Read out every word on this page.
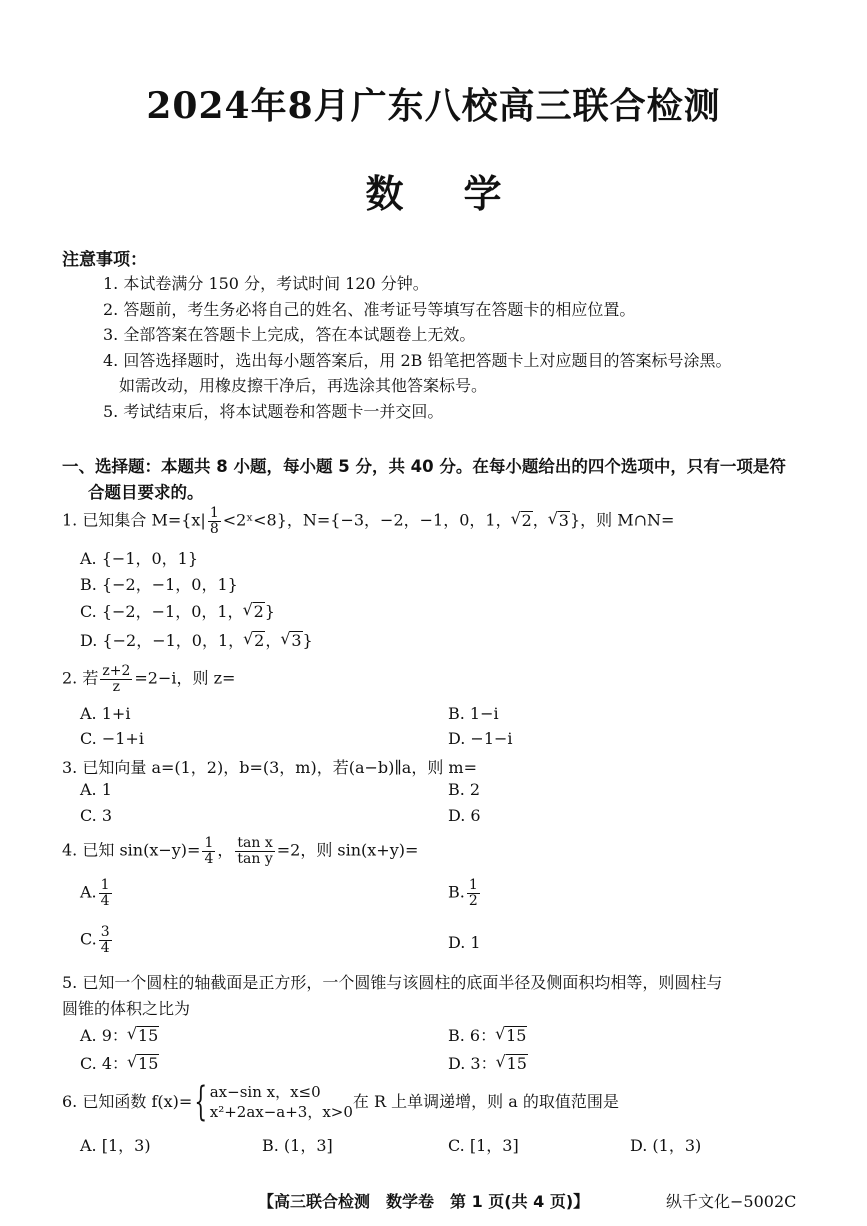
2024年8月广东八校高三联合检测
数学
注意事项：
1. 本试卷满分 150 分，考试时间 120 分钟。
2. 答题前，考生务必将自己的姓名、准考证号等填写在答题卡的相应位置。
3. 全部答案在答题卡上完成，答在本试题卷上无效。
4. 回答选择题时，选出每小题答案后，用 2B 铅笔把答题卡上对应题目的答案标号涂黑。
如需改动，用橡皮擦干净后，再选涂其他答案标号。
5. 考试结束后，将本试题卷和答题卡一并交回。
一、选择题：本题共 8 小题，每小题 5 分，共 40 分。在每小题给出的四个选项中，只有一项是符
合题目要求的。
1. 已知集合 $M=\{x| \frac{1}{8}$ <2ˣ<8}，N={−3，−2，−1，0，1， √ 2， √ 3}，则 M∩N=
A. {−1，0，1}
B. {−2，−1，0，1}
C. {−2，−1，0，1， √ 2}
D. {−2，−1，0，1， √ 2， √ 3}
2. 若 $\frac{z+2}{z} =2-i$，则 z=
A. 1+i	B. 1−i
C. −1+i	D. −1−i
3. 已知向量 a=(1，2)，b=(3，m)，若(a−b)∥a，则 m=
A. 1	B. 2
C. 3	D. 6
4. 已知 $\sin(x-y)= \frac{1}{4}$ ， $\frac{\text{tan x}}{\text{tan y}} =2$，则 sin(x+y)=
A. $\frac{1}{4}$	B. $\frac{1}{2}$
C. $\frac{3}{4}$	D. 1
5. 已知一个圆柱的轴截面是正方形，一个圆锥与该圆柱的底面半径及侧面积均相等，则圆柱与
圆锥的体积之比为
A. 9： √ 15	B. 6： √ 15
C. 4： √ 15	D. 3： √ 15
6. 已知函数 f(x)={ ax−sin x，x≤0
x²+2ax−a+3，x>0
在 R 上单调递增，则 a 的取值范围是
A. [1，3)	B. (1，3]	C. [1，3]	D. (1，3)
【高三联合检测　数学卷　第 1 页(共 4 页)】	纵千文化−5002C
